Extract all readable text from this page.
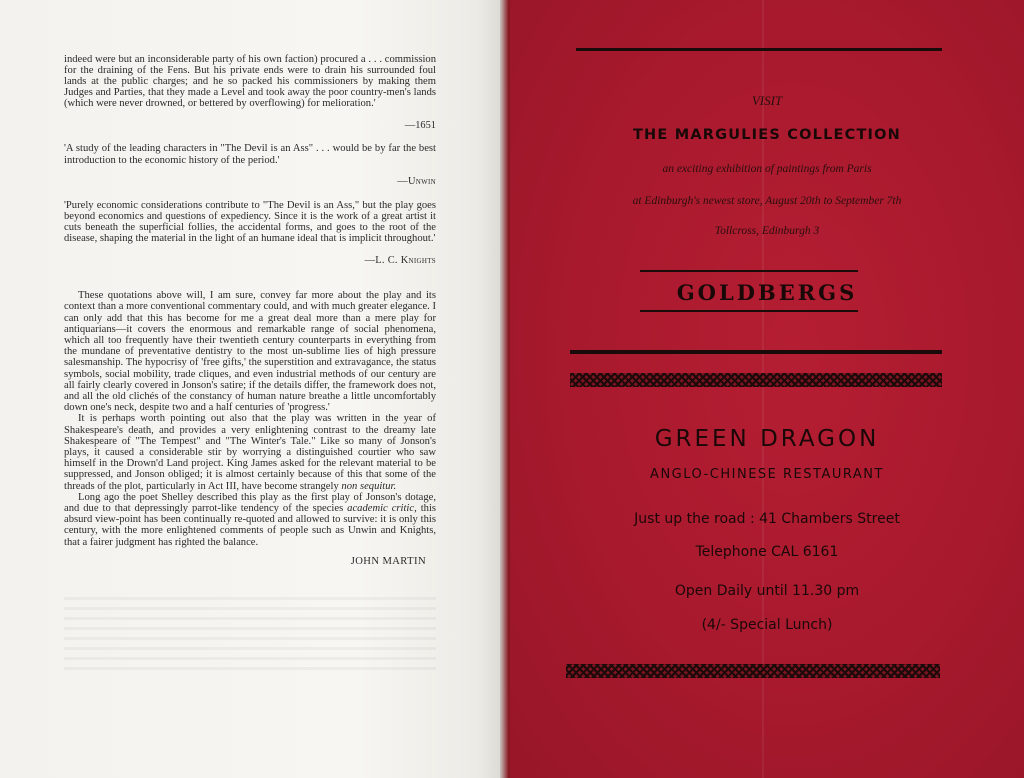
indeed were but an inconsiderable party of his own faction) procured a . . . commission for the draining of the Fens. But his private ends were to drain his surrounded foul lands at the public charges; and he so packed his commissioners by making them Judges and Parties, that they made a Level and took away the poor country-men's lands (which were never drowned, or bettered by overflowing) for melioration.'

—1651

'A study of the leading characters in "The Devil is an Ass" . . . would be by far the best introduction to the economic history of the period.'

—Unwin

'Purely economic considerations contribute to "The Devil is an Ass," but the play goes beyond economics and questions of expediency. Since it is the work of a great artist it cuts beneath the superficial follies, the accidental forms, and goes to the root of the disease, shaping the material in the light of an humane ideal that is implicit throughout.'

—L. C. Knights

These quotations above will, I am sure, convey far more about the play and its context than a more conventional commentary could, and with much greater elegance. I can only add that this has become for me a great deal more than a mere play for antiquarians—it covers the enormous and remarkable range of social phenomena, which all too frequently have their twentieth century counterparts in everything from the mundane of preventative dentistry to the most un-sublime lies of high pressure salesmanship. The hypocrisy of 'free gifts,' the superstition and extravagance, the status symbols, social mobility, trade cliques, and even industrial methods of our century are all fairly clearly covered in Jonson's satire; if the details differ, the framework does not, and all the old clichés of the constancy of human nature breathe a little uncomfortably down one's neck, despite two and a half centuries of 'progress.'

It is perhaps worth pointing out also that the play was written in the year of Shakespeare's death, and provides a very enlightening contrast to the dreamy late Shakespeare of "The Tempest" and "The Winter's Tale." Like so many of Jonson's plays, it caused a considerable stir by worrying a distinguished courtier who saw himself in the Drown'd Land project. King James asked for the relevant material to be suppressed, and Jonson obliged; it is almost certainly because of this that some of the threads of the plot, particularly in Act III, have become strangely non sequitur.

Long ago the poet Shelley described this play as the first play of Jonson's dotage, and due to that depressingly parrot-like tendency of the species academic critic, this absurd view-point has been continually re-quoted and allowed to survive: it is only this century, with the more enlightened comments of people such as Unwin and Knights, that a fairer judgment has righted the balance.

JOHN MARTIN
VISIT
THE MARGULIES COLLECTION
an exciting exhibition of paintings from Paris
at Edinburgh's newest store, August 20th to September 7th
Tollcross, Edinburgh 3
GOLDBERGS
GREEN DRAGON
ANGLO-CHINESE RESTAURANT
Just up the road : 41 Chambers Street
Telephone CAL 6161
Open Daily until 11.30 pm
(4/- Special Lunch)
